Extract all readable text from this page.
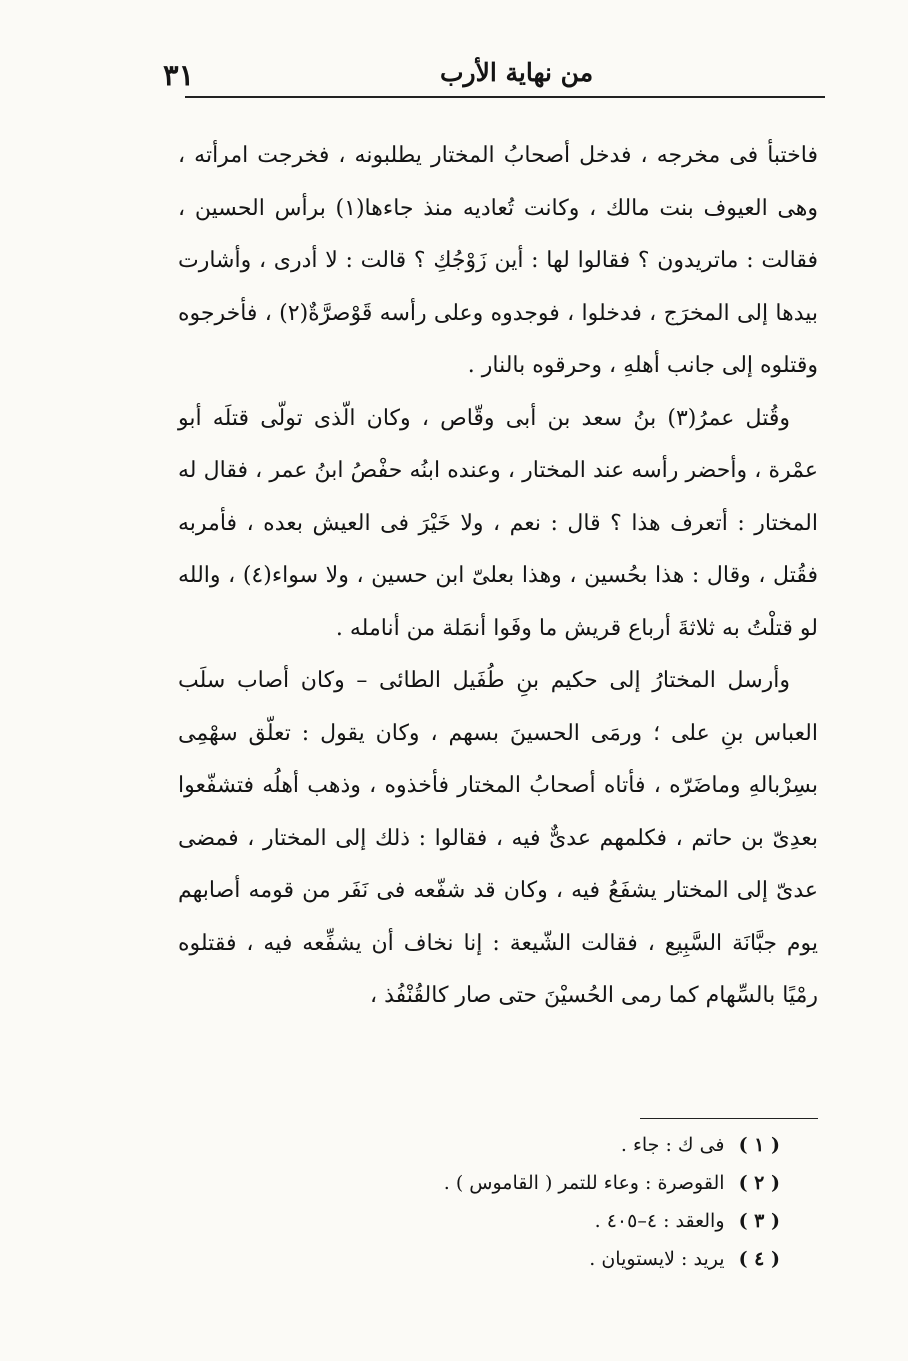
٣١	من نهاية الأرب

فاختبأ فى مخرجه ، فدخل أصحابُ المختار يطلبونه ، فخرجت امرأته ، وهى العيوف بنت مالك ، وكانت تُعاديه منذ جاءها(١) برأس الحسين ، فقالت : ماتريدون ؟ فقالوا لها : أين زَوْجُكِ ؟ قالت : لا أدرى ، وأشارت بيدها إلى المخرَج ، فدخلوا ، فوجدوه وعلى رأسه قَوْصرَّةٌ(٢) ، فأخرجوه وقتلوه إلى جانب أهلهِ ، وحرقوه بالنار .

وقُتل عمرُ(٣) بنُ سعد بن أبى وقّاص ، وكان الّذى تولّى قتلَه أبو عمْرة ، وأحضر رأسه عند المختار ، وعنده ابنُه حفْصُ ابنُ عمر ، فقال له المختار : أتعرف هذا ؟ قال : نعم ، ولا خَيْرَ فى العيش بعده ، فأمربه فقُتل ، وقال : هذا بحُسين ، وهذا بعلىّ ابن حسين ، ولا سواء(٤) ، والله لو قتلْتُ به ثلاثةَ أرباع قريش ما وفَوا أنمَلة من أنامله .

وأرسل المختارُ إلى حكيم بنِ طُفَيل الطائى – وكان أصاب سلَب العباس بنِ على ؛ ورمَى الحسينَ بسهم ، وكان يقول : تعلّق سهْمِى بسِرْبالهِ وماضَرّه ، فأتاه أصحابُ المختار فأخذوه ، وذهب أهلُه فتشفّعوا بعدِىّ بن حاتم ، فكلمهم عدىٌّ فيه ، فقالوا : ذلك إلى المختار ، فمضى عدىّ إلى المختار يشفَعُ فيه ، وكان قد شفّعه فى نَفَر من قومه أصابهم يوم جبَّانَة السَّبِيع ، فقالت الشّيعة : إنا نخاف أن يشفِّعه فيه ، فقتلوه رمْيًا بالسِّهام كما رمى الحُسيْنَ حتى صار كالقُنْفُذ ،

( ١ ) فى ك : جاء .
( ٢ ) القوصرة : وعاء للتمر ( القاموس ) .
( ٣ ) والعقد : ٤–٤٠٥ .
( ٤ ) يريد : لايستويان .
